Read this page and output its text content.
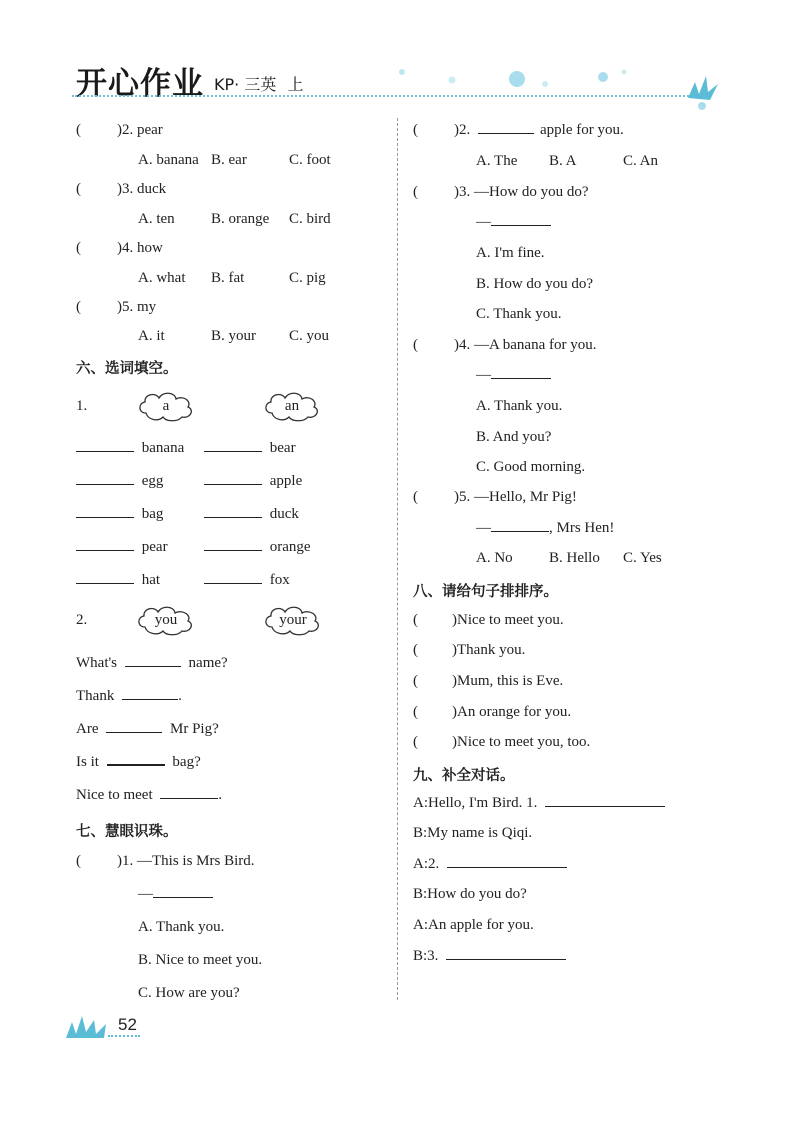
开心作业 KP· 三英 上
( )2. pear
A. banana B. ear	C. foot
( )3. duck
A. ten B. orange C. bird
( )4. how
A. what B. fat	C. pig
( )5. my
A. it	B. your C. you
六、选词填空。
1.	a	an
banana	bear
egg	apple
bag	duck
pear	orange
hat	fox
2.	you	your
What's	name?
Thank	.
Are	Mr Pig?
Is it	bag?
Nice to meet	.
七、慧眼识珠。
( )1. —This is Mrs Bird.
—
A. Thank you.
B. Nice to meet you.
C. How are you?
( )2.	apple for you.
A. The B. A	C. An
( )3. —How do you do?
—
A. I'm fine.
B. How do you do?
C. Thank you.
( )4. —A banana for you.
—
A. Thank you.
B. And you?
C. Good morning.
( )5. —Hello, Mr Pig!
—	, Mrs Hen!
A. No B. Hello C. Yes
八、请给句子排排序。
( )Nice to meet you.
( )Thank you.
( )Mum, this is Eve.
( )An orange for you.
( )Nice to meet you, too.
九、补全对话。
A:Hello, I'm Bird. 1.
B:My name is Qiqi.
A:2.
B:How do you do?
A:An apple for you.
B:3.
52
